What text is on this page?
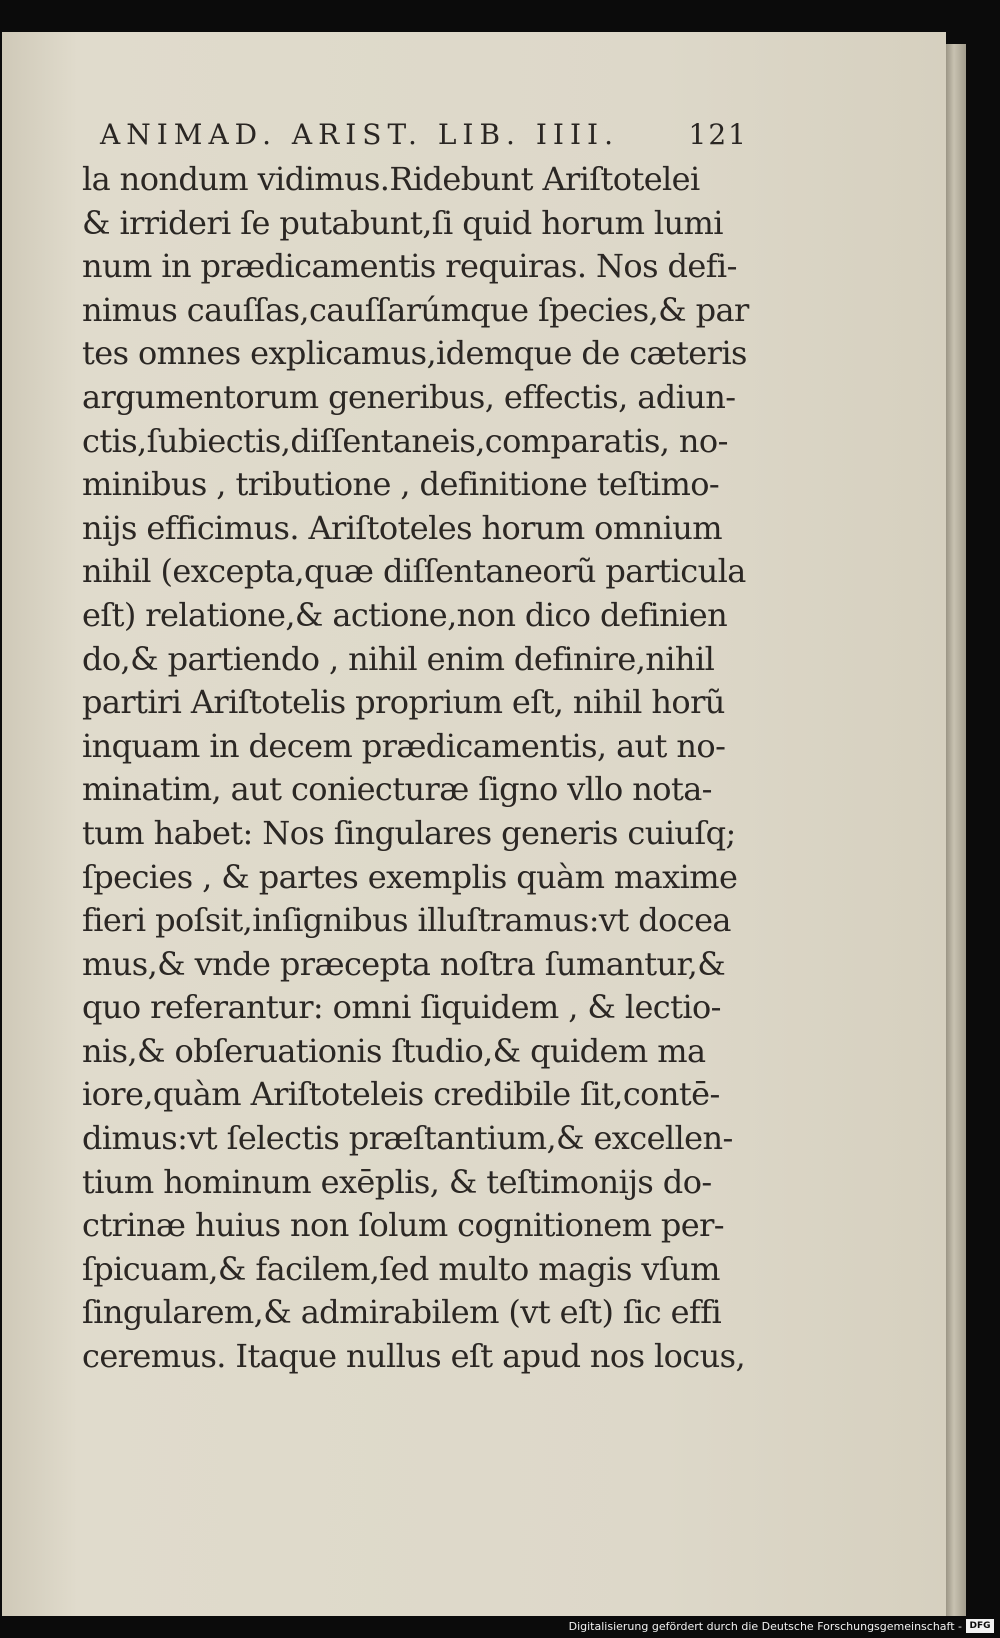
ANIMAD. ARIST. LIB. IIII. 121
la nondum vidimus.Ridebunt Ariſtotelei
& irrideri ſe putabunt,ſi quid horum lumi
num in prædicamentis requiras. Nos defi-
nimus cauſſas,cauſſarúmque ſpecies,& par
tes omnes explicamus,idemque de cæteris
argumentorum generibus, effectis, adiun-
ctis,ſubiectis,diſſentaneis,comparatis, no-
minibus , tributione , definitione teſtimo-
nijs efficimus. Ariſtoteles horum omnium
nihil (excepta,quæ diſſentaneorũ particula
eſt) relatione,& actione,non dico definien
do,& partiendo , nihil enim definire,nihil
partiri Ariſtotelis proprium eſt, nihil horũ
inquam in decem prædicamentis, aut no-
minatim, aut coniecturæ ſigno vllo nota-
tum habet: Nos ſingulares generis cuiuſq;
ſpecies , & partes exemplis quàm maxime
fieri poſsit,inſignibus illuſtramus:vt docea
mus,& vnde præcepta noſtra ſumantur,&
quo referantur: omni ſiquidem , & lectio-
nis,& obſeruationis ſtudio,& quidem ma
iore,quàm Ariſtoteleis credibile ſit,contē-
dimus:vt ſelectis præſtantium,& excellen-
tium hominum exēplis, & teſtimonijs do-
ctrinæ huius non ſolum cognitionem per-
ſpicuam,& facilem,ſed multo magis vſum
ſingularem,& admirabilem (vt eſt) ſic effi
ceremus. Itaque nullus eſt apud nos locus,
Digitalisierung gefördert durch die Deutsche Forschungsgemeinschaft - DFG
